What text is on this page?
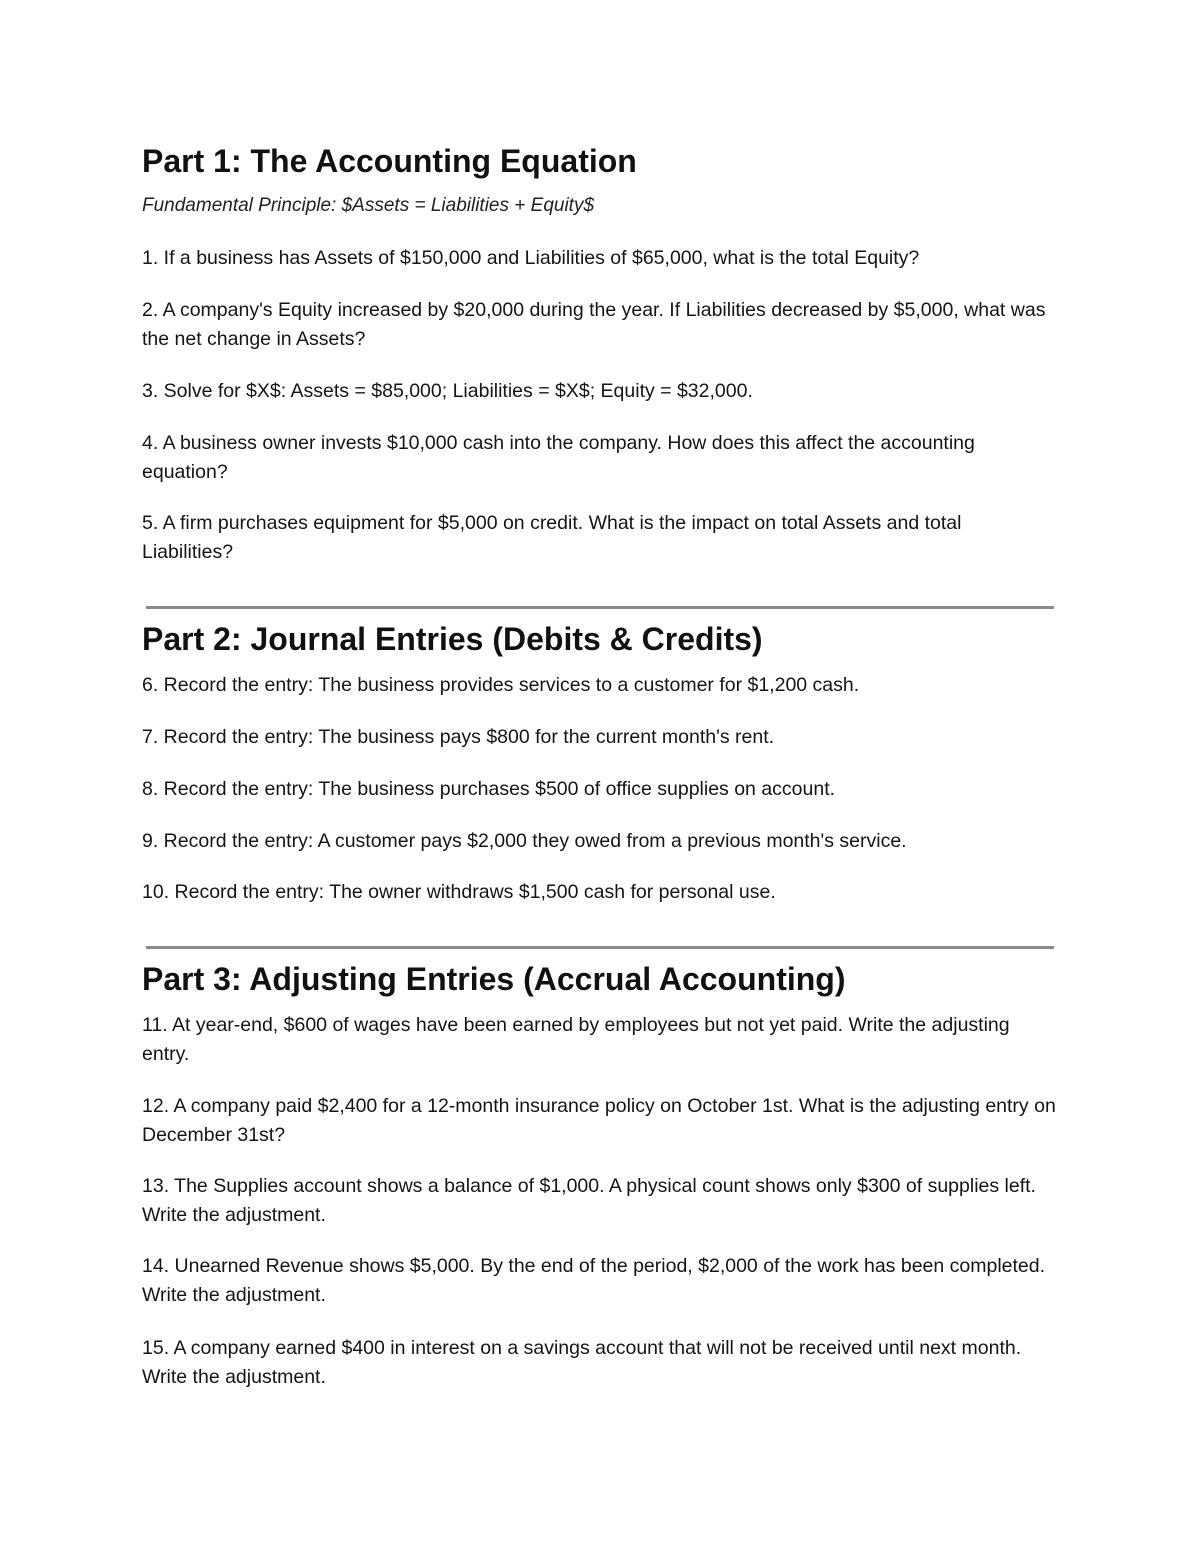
Part 1: The Accounting Equation

Fundamental Principle: $Assets = Liabilities + Equity$

1. If a business has Assets of $150,000 and Liabilities of $65,000, what is the total Equity?

2. A company's Equity increased by $20,000 during the year. If Liabilities decreased by $5,000, what was the net change in Assets?

3. Solve for $X$: Assets = $85,000; Liabilities = $X$; Equity = $32,000.

4. A business owner invests $10,000 cash into the company. How does this affect the accounting equation?

5. A firm purchases equipment for $5,000 on credit. What is the impact on total Assets and total Liabilities?

Part 2: Journal Entries (Debits & Credits)

6. Record the entry: The business provides services to a customer for $1,200 cash.

7. Record the entry: The business pays $800 for the current month's rent.

8. Record the entry: The business purchases $500 of office supplies on account.

9. Record the entry: A customer pays $2,000 they owed from a previous month's service.

10. Record the entry: The owner withdraws $1,500 cash for personal use.

Part 3: Adjusting Entries (Accrual Accounting)

11. At year-end, $600 of wages have been earned by employees but not yet paid. Write the adjusting entry.

12. A company paid $2,400 for a 12-month insurance policy on October 1st. What is the adjusting entry on December 31st?

13. The Supplies account shows a balance of $1,000. A physical count shows only $300 of supplies left. Write the adjustment.

14. Unearned Revenue shows $5,000. By the end of the period, $2,000 of the work has been completed. Write the adjustment.

15. A company earned $400 in interest on a savings account that will not be received until next month. Write the adjustment.
